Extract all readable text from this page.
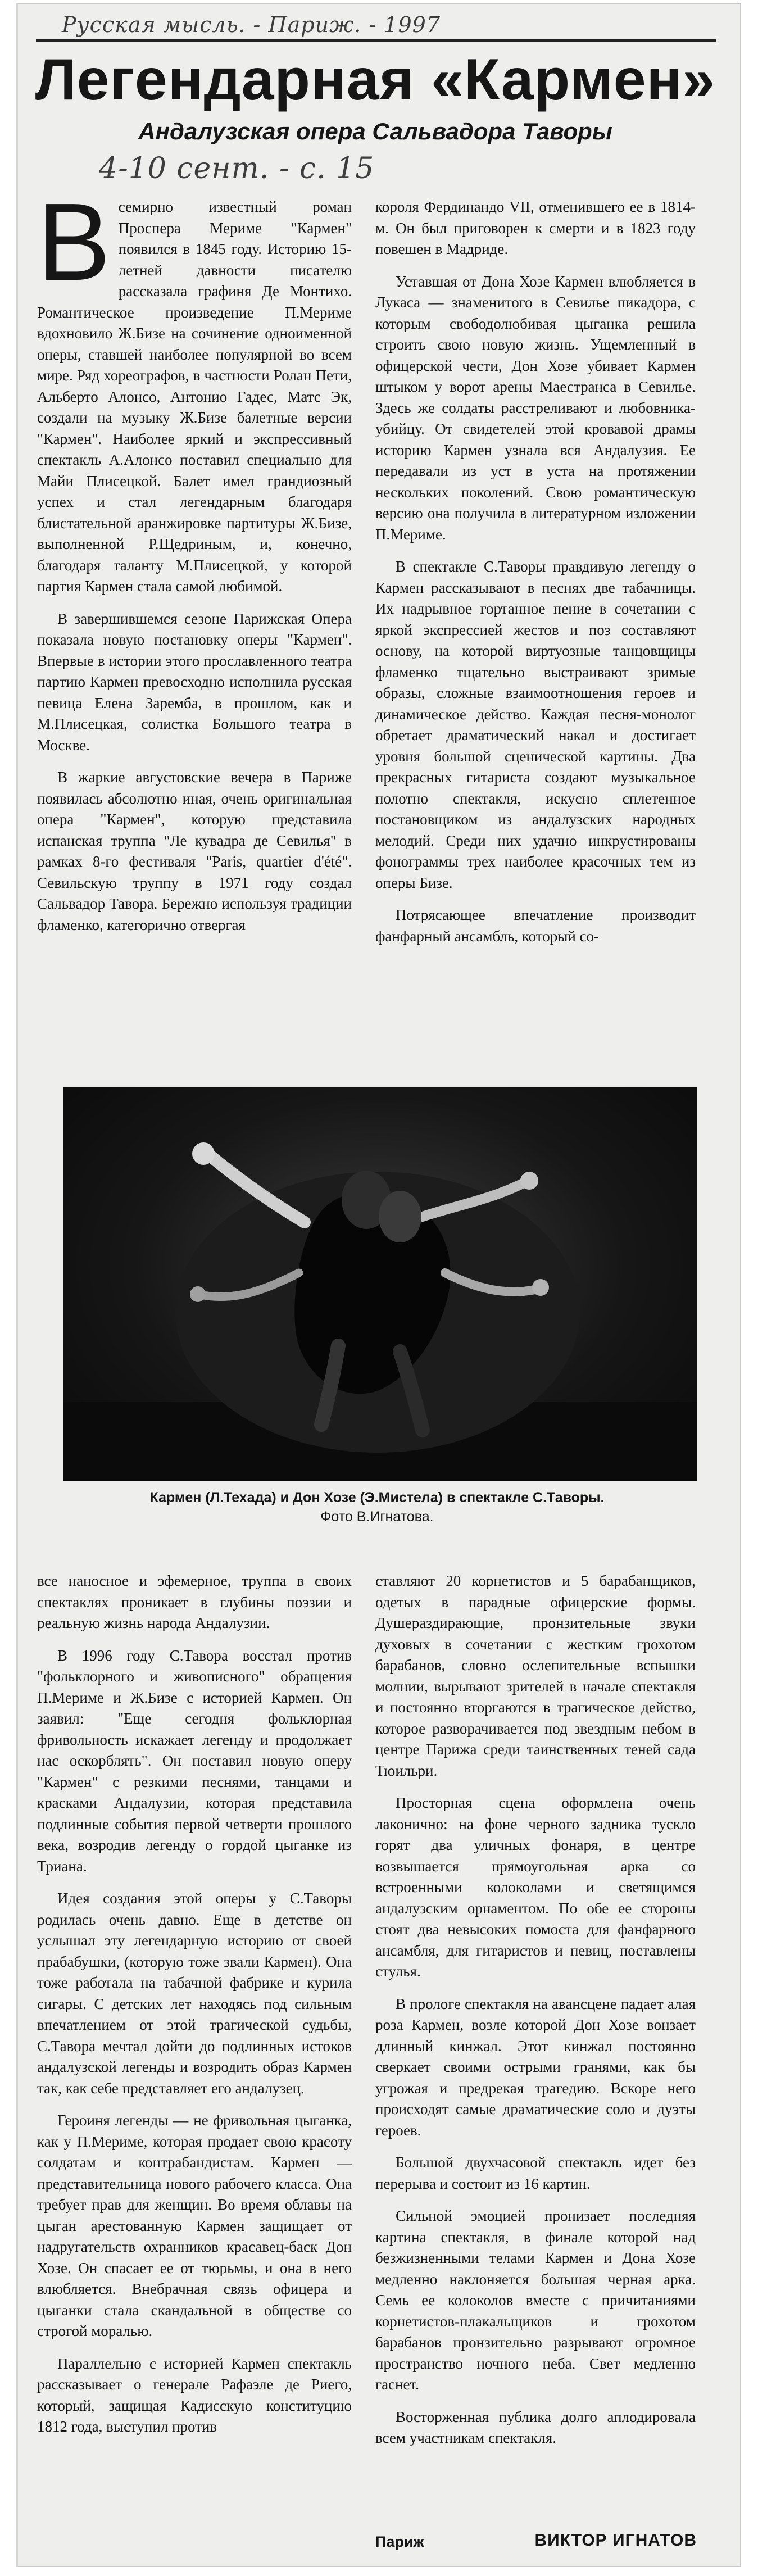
Русская мысль. - Париж. - 1997
Легендарная «Кармен»
Андалузская опера Сальвадора Таворы
4-10 сент. - с. 15

Всемирно известный роман Проспера Мериме "Кармен" появился в 1845 году. Историю 15-летней давности писателю рассказала графиня Де Монтихо. Романтическое произведение П.Мериме вдохновило Ж.Бизе на сочинение одноименной оперы, ставшей наиболее популярной во всем мире. Ряд хореографов, в частности Ролан Пети, Альберто Алонсо, Антонио Гадес, Матс Эк, создали на музыку Ж.Бизе балетные версии "Кармен". Наиболее яркий и экспрессивный спектакль А.Алонсо поставил специально для Майи Плисецкой. Балет имел грандиозный успех и стал легендарным благодаря блистательной аранжировке партитуры Ж.Бизе, выполненной Р.Щедриным, и, конечно, благодаря таланту М.Плисецкой, у которой партия Кармен стала самой любимой.

В завершившемся сезоне Парижская Опера показала новую постановку оперы "Кармен". Впервые в истории этого прославленного театра партию Кармен превосходно исполнила русская певица Елена Заремба, в прошлом, как и М.Плисецкая, солистка Большого театра в Москве.

В жаркие августовские вечера в Париже появилась абсолютно иная, очень оригинальная опера "Кармен", которую представила испанская труппа "Ле кувадра де Севилья" в рамках 8-го фестиваля "Paris, quartier d'été". Севильскую труппу в 1971 году создал Сальвадор Тавора. Бережно используя традиции фламенко, категорично отвергая

короля Фердинандо VII, отменившего ее в 1814-м. Он был приговорен к смерти и в 1823 году повешен в Мадриде.

Уставшая от Дона Хозе Кармен влюбляется в Лукаса — знаменитого в Севилье пикадора, с которым свободолюбивая цыганка решила строить свою новую жизнь. Ущемленный в офицерской чести, Дон Хозе убивает Кармен штыком у ворот арены Маестранса в Севилье. Здесь же солдаты расстреливают и любовника-убийцу. От свидетелей этой кровавой драмы историю Кармен узнала вся Андалузия. Ее передавали из уст в уста на протяжении нескольких поколений. Свою романтическую версию она получила в литературном изложении П.Мериме.

В спектакле С.Таворы правдивую легенду о Кармен рассказывают в песнях две табачницы. Их надрывное гортанное пение в сочетании с яркой экспрессией жестов и поз составляют основу, на которой виртуозные танцовщицы фламенко тщательно выстраивают зримые образы, сложные взаимоотношения героев и динамическое действо. Каждая песня-монолог обретает драматический накал и достигает уровня большой сценической картины. Два прекрасных гитариста создают музыкальное полотно спектакля, искусно сплетенное постановщиком из андалузских народных мелодий. Среди них удачно инкрустированы фонограммы трех наиболее красочных тем из оперы Бизе.

Потрясающее впечатление производит фанфарный ансамбль, который со-

Кармен (Л.Техада) и Дон Хозе (Э.Мистела) в спектакле С.Таворы.
Фото В.Игнатова.

все наносное и эфемерное, труппа в своих спектаклях проникает в глубины поэзии и реальную жизнь народа Андалузии.

В 1996 году С.Тавора восстал против "фольклорного и живописного" обращения П.Мериме и Ж.Бизе с историей Кармен. Он заявил: "Еще сегодня фольклорная фривольность искажает легенду и продолжает нас оскорблять". Он поставил новую оперу "Кармен" с резкими песнями, танцами и красками Андалузии, которая представила подлинные события первой четверти прошлого века, возродив легенду о гордой цыганке из Триана.

Идея создания этой оперы у С.Таворы родилась очень давно. Еще в детстве он услышал эту легендарную историю от своей прабабушки, (которую тоже звали Кармен). Она тоже работала на табачной фабрике и курила сигары. С детских лет находясь под сильным впечатлением от этой трагической судьбы, С.Тавора мечтал дойти до подлинных истоков андалузской легенды и возродить образ Кармен так, как себе представляет его андалузец.

Героиня легенды — не фривольная цыганка, как у П.Мериме, которая продает свою красоту солдатам и контрабандистам. Кармен — представительница нового рабочего класса. Она требует прав для женщин. Во время облавы на цыган арестованную Кармен защищает от надругательств охранников красавец-баск Дон Хозе. Он спасает ее от тюрьмы, и она в него влюбляется. Внебрачная связь офицера и цыганки стала скандальной в обществе со строгой моралью.

Параллельно с историей Кармен спектакль рассказывает о генерале Рафаэле де Риего, который, защищая Кадисскую конституцию 1812 года, выступил против

ставляют 20 корнетистов и 5 барабанщиков, одетых в парадные офицерские формы. Душераздирающие, пронзительные звуки духовых в сочетании с жестким грохотом барабанов, словно ослепительные вспышки молнии, вырывают зрителей в начале спектакля и постоянно вторгаются в трагическое действо, которое разворачивается под звездным небом в центре Парижа среди таинственных теней сада Тюильри.

Просторная сцена оформлена очень лаконично: на фоне черного задника тускло горят два уличных фонаря, в центре возвышается прямоугольная арка со встроенными колоколами и светящимся андалузским орнаментом. По обе ее стороны стоят два невысоких помоста для фанфарного ансамбля, для гитаристов и певиц, поставлены стулья.

В прологе спектакля на авансцене падает алая роза Кармен, возле которой Дон Хозе вонзает длинный кинжал. Этот кинжал постоянно сверкает своими острыми гранями, как бы угрожая и предрекая трагедию. Вскоре него происходят самые драматические соло и дуэты героев.

Большой двухчасовой спектакль идет без перерыва и состоит из 16 картин.

Сильной эмоцией пронизает последняя картина спектакля, в финале которой над безжизненными телами Кармен и Дона Хозе медленно наклоняется большая черная арка. Семь ее колоколов вместе с причитаниями корнетистов-плакальщиков и грохотом барабанов пронзительно разрывают огромное пространство ночного неба. Свет медленно гаснет.

Восторженная публика долго аплодировала всем участникам спектакля.

Париж	ВИКТОР ИГНАТОВ
